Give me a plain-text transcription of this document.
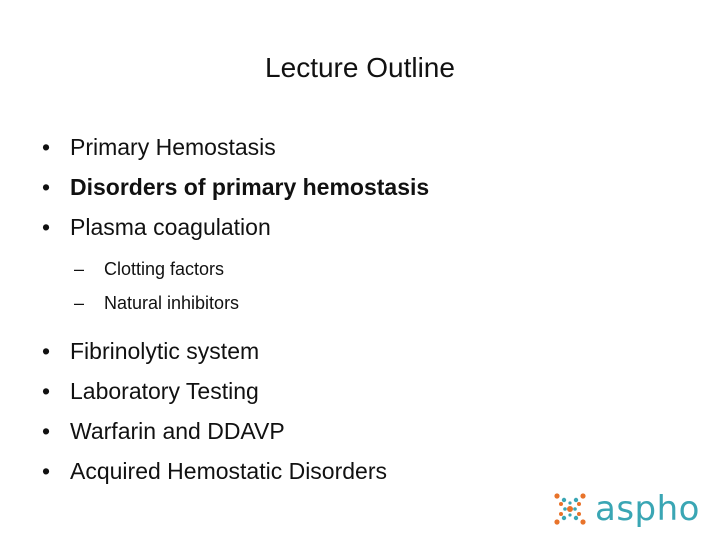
Lecture Outline
• Primary Hemostasis
• Disorders of primary hemostasis
• Plasma coagulation
–	Clotting factors
–	Natural inhibitors
• Fibrinolytic system
• Laboratory Testing
• Warfarin and DDAVP
• Acquired Hemostatic Disorders
aspho
